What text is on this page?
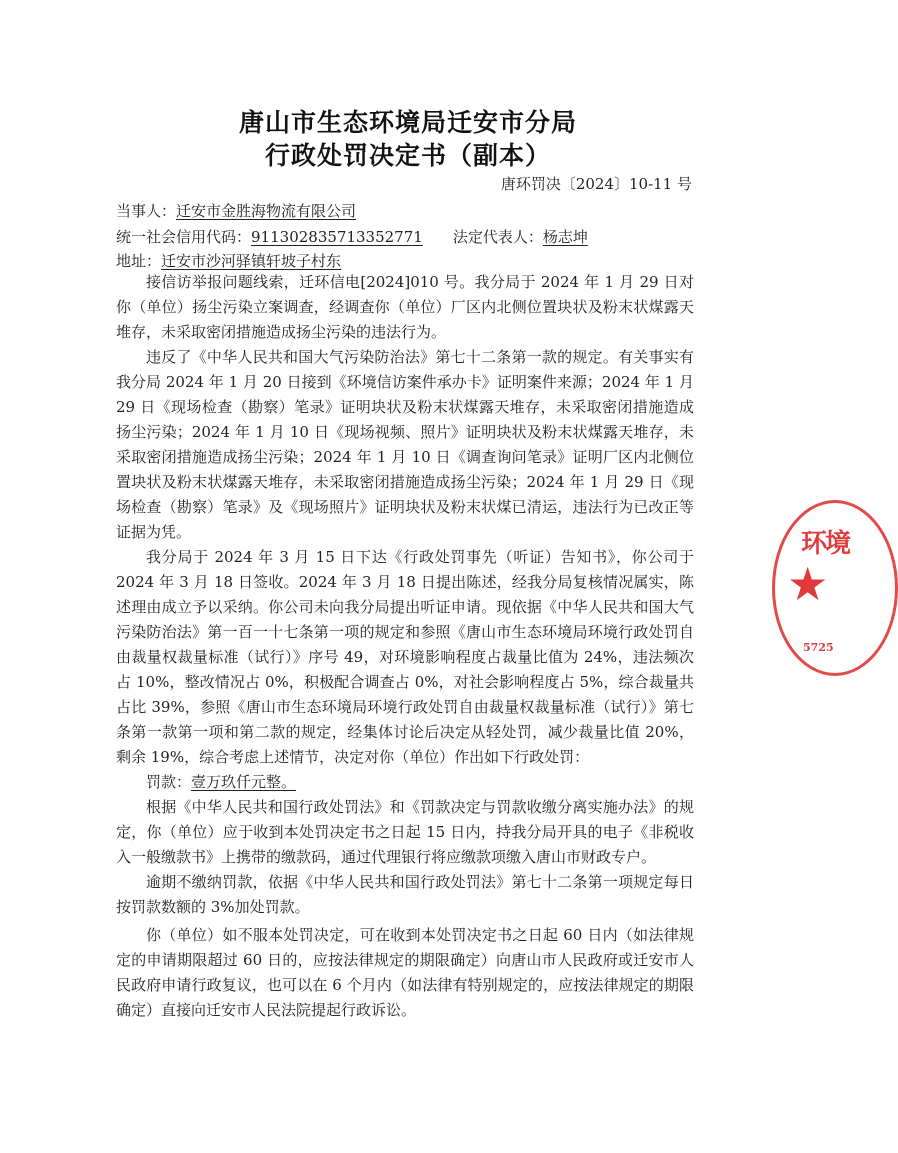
唐山市生态环境局迁安市分局
行政处罚决定书（副本）
唐环罚决〔2024〕10-11 号
当事人：迁安市金胜海物流有限公司
统一社会信用代码：911302835713352771 法定代表人：杨志坤
地址：迁安市沙河驿镇轩坡子村东

接信访举报问题线索，迁环信电[2024]010 号。我分局于 2024 年 1 月 29 日对你（单位）扬尘污染立案调查，经调查你（单位）厂区内北侧位置块状及粉末状煤露天堆存，未采取密闭措施造成扬尘污染的违法行为。

违反了《中华人民共和国大气污染防治法》第七十二条第一款的规定。有关事实有我分局 2024 年 1 月 20 日接到《环境信访案件承办卡》证明案件来源；2024 年 1 月 29 日《现场检查（勘察）笔录》证明块状及粉末状煤露天堆存，未采取密闭措施造成扬尘污染；2024 年 1 月 10 日《现场视频、照片》证明块状及粉末状煤露天堆存，未采取密闭措施造成扬尘污染；2024 年 1 月 10 日《调查询问笔录》证明厂区内北侧位置块状及粉末状煤露天堆存，未采取密闭措施造成扬尘污染；2024 年 1 月 29 日《现场检查（勘察）笔录》及《现场照片》证明块状及粉末状煤已清运，违法行为已改正等证据为凭。

我分局于 2024 年 3 月 15 日下达《行政处罚事先（听证）告知书》，你公司于 2024 年 3 月 18 日签收。2024 年 3 月 18 日提出陈述，经我分局复核情况属实，陈述理由成立予以采纳。你公司未向我分局提出听证申请。现依据《中华人民共和国大气污染防治法》第一百一十七条第一项的规定和参照《唐山市生态环境局环境行政处罚自由裁量权裁量标准（试行）》序号 49，对环境影响程度占裁量比值为 24%，违法频次占 10%，整改情况占 0%，积极配合调查占 0%，对社会影响程度占 5%，综合裁量共占比 39%，参照《唐山市生态环境局环境行政处罚自由裁量权裁量标准（试行）》第七条第一款第一项和第二款的规定，经集体讨论后决定从轻处罚，减少裁量比值 20%，剩余 19%，综合考虑上述情节，决定对你（单位）作出如下行政处罚：

罚款：壹万玖仟元整。

根据《中华人民共和国行政处罚法》和《罚款决定与罚款收缴分离实施办法》的规定，你（单位）应于收到本处罚决定书之日起 15 日内，持我分局开具的电子《非税收入一般缴款书》上携带的缴款码，通过代理银行将应缴款项缴入唐山市财政专户。

逾期不缴纳罚款，依据《中华人民共和国行政处罚法》第七十二条第一项规定每日按罚款数额的 3%加处罚款。

你（单位）如不服本处罚决定，可在收到本处罚决定书之日起 60 日内（如法律规定的申请期限超过 60 日的，应按法律规定的期限确定）向唐山市人民政府或迁安市人民政府申请行政复议，也可以在 6 个月内（如法律有特别规定的，应按法律规定的期限确定）直接向迁安市人民法院提起行政诉讼。

环境
★
5725
